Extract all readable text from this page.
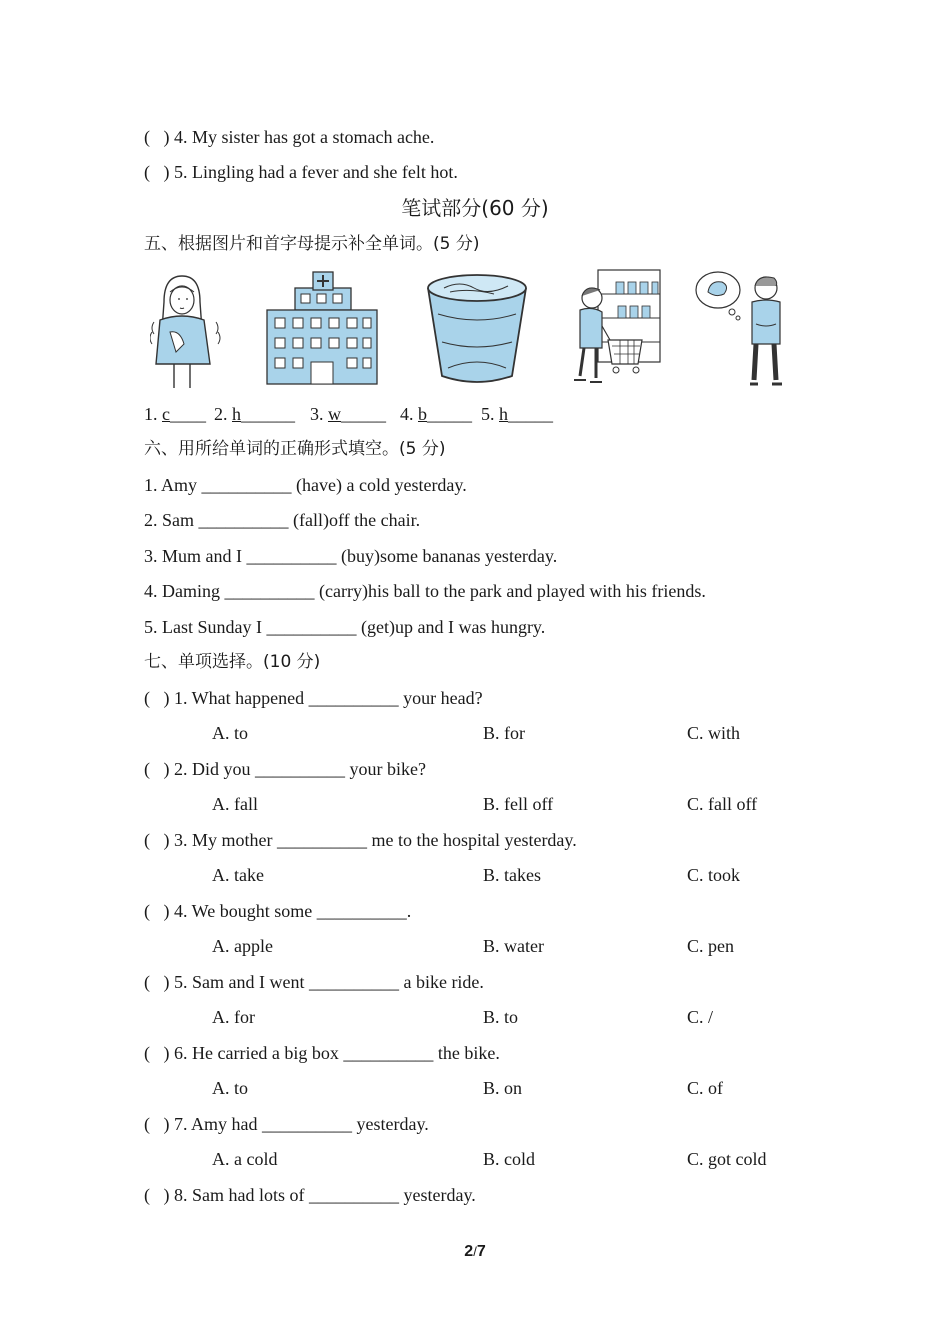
(   ) 4. My sister has got a stomach ache.
(   ) 5. Lingling had a fever and she felt hot.
笔试部分(60 分)
五、根据图片和首字母提示补全单词。(5 分)
1. c____ 2. h______ 3. w_____ 4. b_____ 5. h_____
六、用所给单词的正确形式填空。(5 分)
1. Amy __________ (have) a cold yesterday.
2. Sam __________ (fall)off the chair.
3. Mum and I __________ (buy)some bananas yesterday.
4. Daming __________ (carry)his ball to the park and played with his friends.
5. Last Sunday I __________ (get)up and I was hungry.
七、单项选择。(10 分)
(   ) 1. What happened __________ your head?
A. to	B. for	C. with
(   ) 2. Did you __________ your bike?
A. fall	B. fell off	C. fall off
(   ) 3. My mother __________ me to the hospital yesterday.
A. take	B. takes	C. took
(   ) 4. We bought some __________.
A. apple	B. water	C. pen
(   ) 5. Sam and I went __________ a bike ride.
A. for	B. to	C. /
(   ) 6. He carried a big box __________ the bike.
A. to	B. on	C. of
(   ) 7. Amy had __________ yesterday.
A. a cold	B. cold	C. got cold
(   ) 8. Sam had lots of __________ yesterday.
2/7
